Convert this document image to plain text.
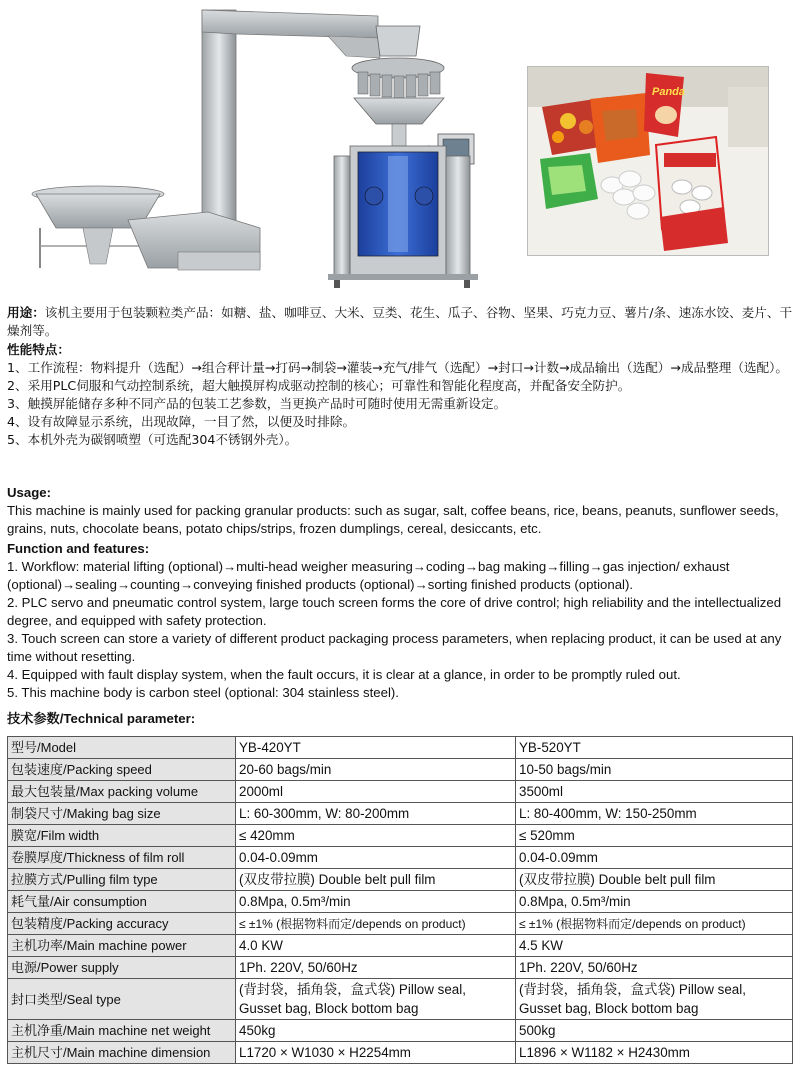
Panda
用途：该机主要用于包装颗粒类产品：如糖、盐、咖啡豆、大米、豆类、花生、瓜子、谷物、坚果、巧克力豆、薯片/条、速冻水饺、麦片、干燥剂等。
性能特点：
1、工作流程：物料提升（选配）→组合秤计量→打码→制袋→灌装→充气/排气（选配）→封口→计数→成品输出（选配）→成品整理（选配）。
2、采用PLC伺服和气动控制系统，超大触摸屏构成驱动控制的核心；可靠性和智能化程度高，并配备安全防护。
3、触摸屏能储存多种不同产品的包装工艺参数，当更换产品时可随时使用无需重新设定。
4、设有故障显示系统，出现故障，一目了然，以便及时排除。
5、本机外壳为碳钢喷塑（可选配304不锈钢外壳）。
Usage:
This machine is mainly used for packing granular products: such as sugar, salt, coffee beans, rice, beans, peanuts, sunflower seeds, grains, nuts, chocolate beans, potato chips/strips, frozen dumplings, cereal, desiccants, etc.
Function and features:
1. Workflow: material lifting (optional)→multi-head weigher measuring→coding→bag making→filling→gas injection/ exhaust (optional)→sealing→counting→conveying finished products (optional)→sorting finished products (optional).
2. PLC servo and pneumatic control system, large touch screen forms the core of drive control; high reliability and the intellectualized degree, and equipped with safety protection.
3. Touch screen can store a variety of different product packaging process parameters, when replacing product, it can be used at any time without resetting.
4. Equipped with fault display system, when the fault occurs, it is clear at a glance, in order to be promptly ruled out.
5. This machine body is carbon steel (optional: 304 stainless steel).
技术参数/Technical parameter:
型号/Model	YB-420YT	YB-520YT
包装速度/Packing speed	20-60 bags/min	10-50 bags/min
最大包装量/Max packing volume	2000ml	3500ml
制袋尺寸/Making bag size	L: 60-300mm, W: 80-200mm	L: 80-400mm, W: 150-250mm
膜宽/Film width	≤ 420mm	≤ 520mm
卷膜厚度/Thickness of film roll	0.04-0.09mm	0.04-0.09mm
拉膜方式/Pulling film type	(双皮带拉膜) Double belt pull film	(双皮带拉膜) Double belt pull film
耗气量/Air consumption	0.8Mpa, 0.5m³/min	0.8Mpa, 0.5m³/min
包装精度/Packing accuracy	≤ ±1% (根据物料而定/depends on product)	≤ ±1% (根据物料而定/depends on product)
主机功率/Main machine power	4.0 KW	4.5 KW
电源/Power supply	1Ph. 220V, 50/60Hz	1Ph. 220V, 50/60Hz
封口类型/Seal type	(背封袋，插角袋，盒式袋) Pillow seal, Gusset bag, Block bottom bag	(背封袋，插角袋，盒式袋) Pillow seal, Gusset bag, Block bottom bag
主机净重/Main machine net weight	450kg	500kg
主机尺寸/Main machine dimension	L1720 × W1030 × H2254mm	L1896 × W1182 × H2430mm
